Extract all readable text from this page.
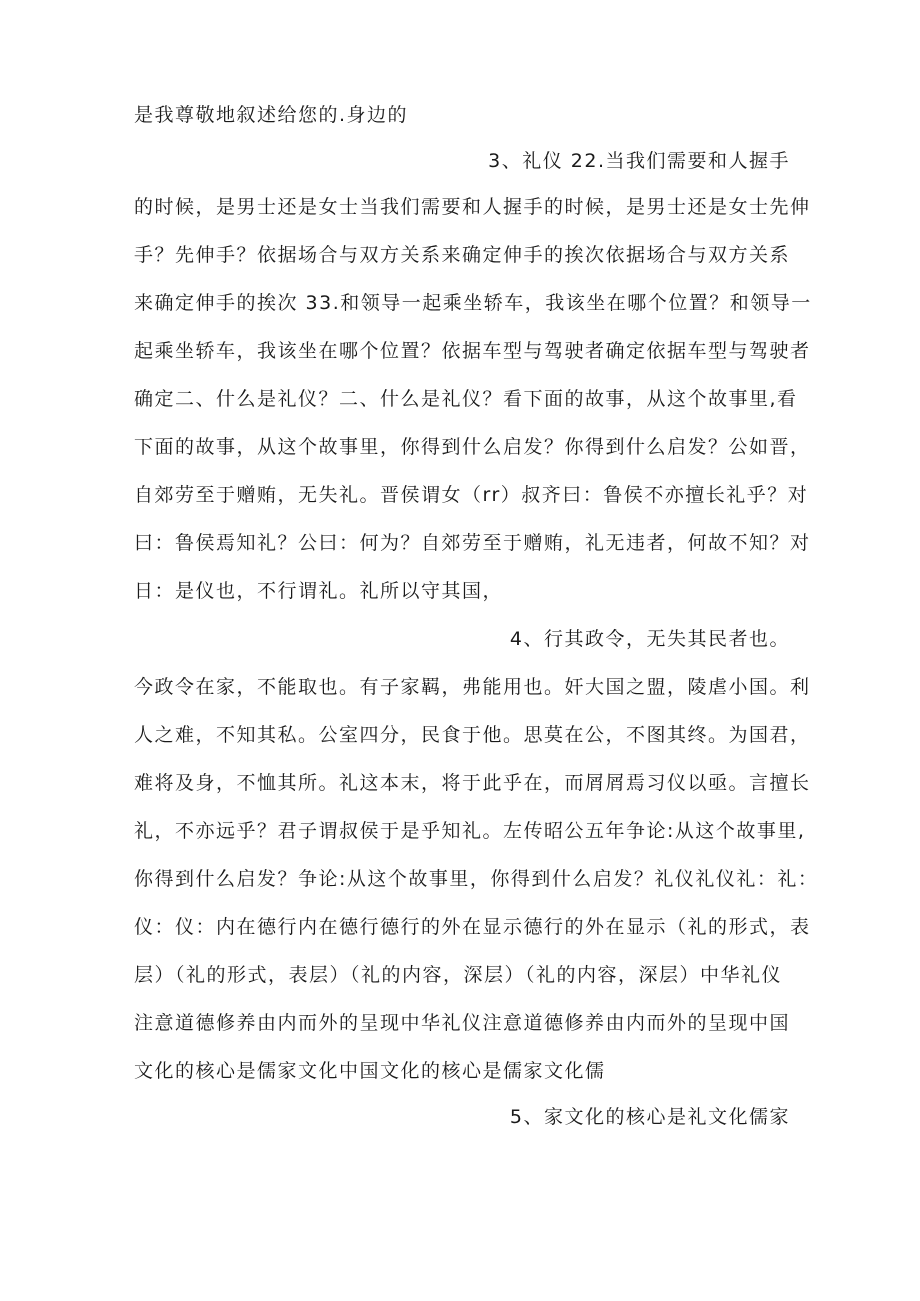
是我尊敬地叙述给您的.身边的

3、礼仪 22.当我们需要和人握手

的时候，是男士还是女士当我们需要和人握手的时候，是男士还是女士先伸

手？先伸手？依据场合与双方关系来确定伸手的挨次依据场合与双方关系

来确定伸手的挨次 33.和领导一起乘坐轿车，我该坐在哪个位置？和领导一

起乘坐轿车，我该坐在哪个位置？依据车型与驾驶者确定依据车型与驾驶者

确定二、什么是礼仪？二、什么是礼仪？看下面的故事，从这个故事里,看

下面的故事，从这个故事里，你得到什么启发？你得到什么启发？公如晋，

自郊劳至于赠贿，无失礼。晋侯谓女（rr）叔齐曰：鲁侯不亦擅长礼乎？对

曰：鲁侯焉知礼？公曰：何为？自郊劳至于赠贿，礼无违者，何故不知？对

日：是仪也，不行谓礼。礼所以守其国，

4、行其政令，无失其民者也。

今政令在家，不能取也。有子家羁，弗能用也。奸大国之盟，陵虐小国。利

人之难，不知其私。公室四分，民食于他。思莫在公，不图其终。为国君，

难将及身，不恤其所。礼这本末，将于此乎在，而屑屑焉习仪以亟。言擅长

礼，不亦远乎？君子谓叔侯于是乎知礼。左传昭公五年争论:从这个故事里,

你得到什么启发？争论:从这个故事里，你得到什么启发？礼仪礼仪礼：礼：

仪：仪：内在德行内在德行德行的外在显示德行的外在显示（礼的形式，表

层）（礼的形式，表层）（礼的内容，深层）（礼的内容，深层）中华礼仪

注意道德修养由内而外的呈现中华礼仪注意道德修养由内而外的呈现中国

文化的核心是儒家文化中国文化的核心是儒家文化儒

5、家文化的核心是礼文化儒家
